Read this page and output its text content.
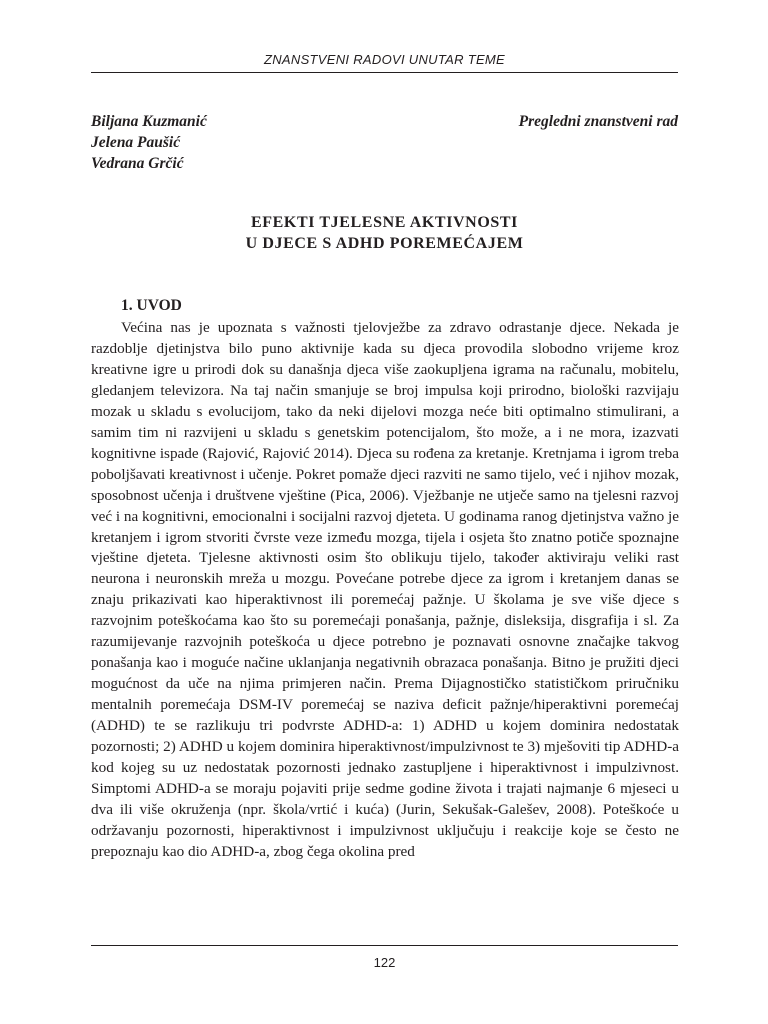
ZNANSTVENI RADOVI UNUTAR TEME
Biljana Kuzmanić
Jelena Paušić
Vedrana Grčić
Pregledni znanstveni rad
EFEKTI TJELESNE AKTIVNOSTI
U DJECE S ADHD POREMEĆAJEM
1. UVOD

Većina nas je upoznata s važnosti tjelovježbe za zdravo odrastanje djece. Nekada je razdoblje djetinjstva bilo puno aktivnije kada su djeca provodila slobodno vrijeme kroz kreativne igre u prirodi dok su današnja djeca više zaokupljena igrama na računalu, mobitelu, gledanjem televizora. Na taj način smanjuje se broj impulsa koji prirodno, biološki razvijaju mozak u skladu s evolucijom, tako da neki dijelovi mozga neće biti optimalno stimulirani, a samim tim ni razvijeni u skladu s genetskim potencijalom, što može, a i ne mora, izazvati kognitivne ispade (Rajović, Rajović 2014). Djeca su rođena za kretanje. Kretnjama i igrom treba poboljšavati kreativnost i učenje. Pokret pomaže djeci razviti ne samo tijelo, već i njihov mozak, sposobnost učenja i društvene vještine (Pica, 2006). Vježbanje ne utječe samo na tjelesni razvoj već i na kognitivni, emocionalni i socijalni razvoj djeteta. U godinama ranog djetinjstva važno je kretanjem i igrom stvoriti čvrste veze između mozga, tijela i osjeta što znatno potiče spoznajne vještine djeteta. Tjelesne aktivnosti osim što oblikuju tijelo, također aktiviraju veliki rast neurona i neuronskih mreža u mozgu. Povećane potrebe djece za igrom i kretanjem danas se znaju prikazivati kao hiperaktivnost ili poremećaj pažnje. U školama je sve više djece s razvojnim poteškoćama kao što su poremećaji ponašanja, pažnje, disleksija, disgrafija i sl. Za razumijevanje razvojnih poteškoća u djece potrebno je poznavati osnovne značajke takvog ponašanja kao i moguće načine uklanjanja negativnih obrazaca ponašanja. Bitno je pružiti djeci mogućnost da uče na njima primjeren način. Prema Dijagnostičko statističkom priručniku mentalnih poremećaja DSM-IV poremećaj se naziva deficit pažnje/hiperaktivni poremećaj (ADHD) te se razlikuju tri podvrste ADHD-a: 1) ADHD u kojem dominira nedostatak pozornosti; 2) ADHD u kojem dominira hiperaktivnost/impulzivnost te 3) mješoviti tip ADHD-a kod kojeg su uz nedostatak pozornosti jednako zastupljene i hiperaktivnost i impulzivnost. Simptomi ADHD-a se moraju pojaviti prije sedme godine života i trajati najmanje 6 mjeseci u dva ili više okruženja (npr. škola/vrtić i kuća) (Jurin, Sekušak-Galešev, 2008). Poteškoće u održavanju pozornosti, hiperaktivnost i impulzivnost uključuju i reakcije koje se često ne prepoznaju kao dio ADHD-a, zbog čega okolina pred

122
